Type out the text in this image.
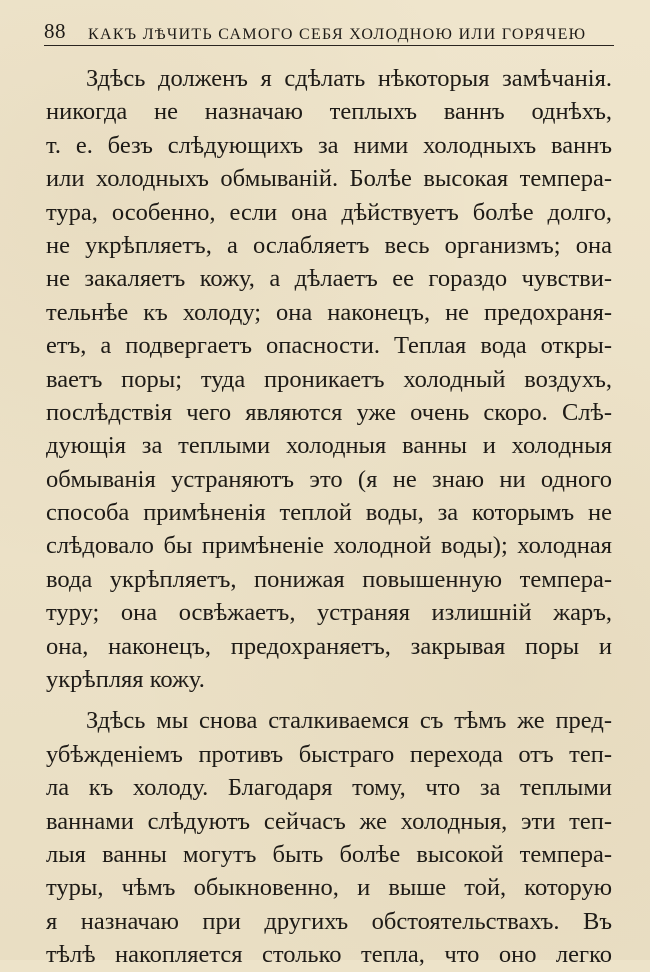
88 КАКЪ ЛѢЧИТЬ САМОГО СЕБЯ ХОЛОДНОЮ ИЛИ ГОРЯЧЕЮ
Здѣсь долженъ я сдѣлать нѣкоторыя замѣчанія.
никогда не назначаю теплыхъ ваннъ однѣхъ,
т. е. безъ слѣдующихъ за ними холодныхъ ваннъ
или холодныхъ обмываній. Болѣе высокая темпера-
тура, особенно, если она дѣйствуетъ болѣе долго,
не укрѣпляетъ, а ослабляетъ весь организмъ; она
не закаляетъ кожу, а дѣлаетъ ее гораздо чувстви-
тельнѣе къ холоду; она наконецъ, не предохраня-
етъ, а подвергаетъ опасности. Теплая вода откры-
ваетъ поры; туда проникаетъ холодный воздухъ,
послѣдствія чего являются уже очень скоро. Слѣ-
дующія за теплыми холодныя ванны и холодныя
обмыванія устраняютъ это (я не знаю ни одного
способа примѣненія теплой воды, за которымъ не
слѣдовало бы примѣненіе холодной воды); холодная
вода укрѣпляетъ, понижая повышенную темпера-
туру; она освѣжаетъ, устраняя излишній жаръ,
она, наконецъ, предохраняетъ, закрывая поры и
укрѣпляя кожу.
Здѣсь мы снова сталкиваемся съ тѣмъ же пред-
убѣжденіемъ противъ быстраго перехода отъ теп-
ла къ холоду. Благодаря тому, что за теплыми
ваннами слѣдуютъ сейчасъ же холодныя, эти теп-
лыя ванны могутъ быть болѣе высокой темпера-
туры, чѣмъ обыкновенно, и выше той, которую
я назначаю при другихъ обстоятельствахъ. Въ
тѣлѣ накопляется столько тепла, что оно легко
